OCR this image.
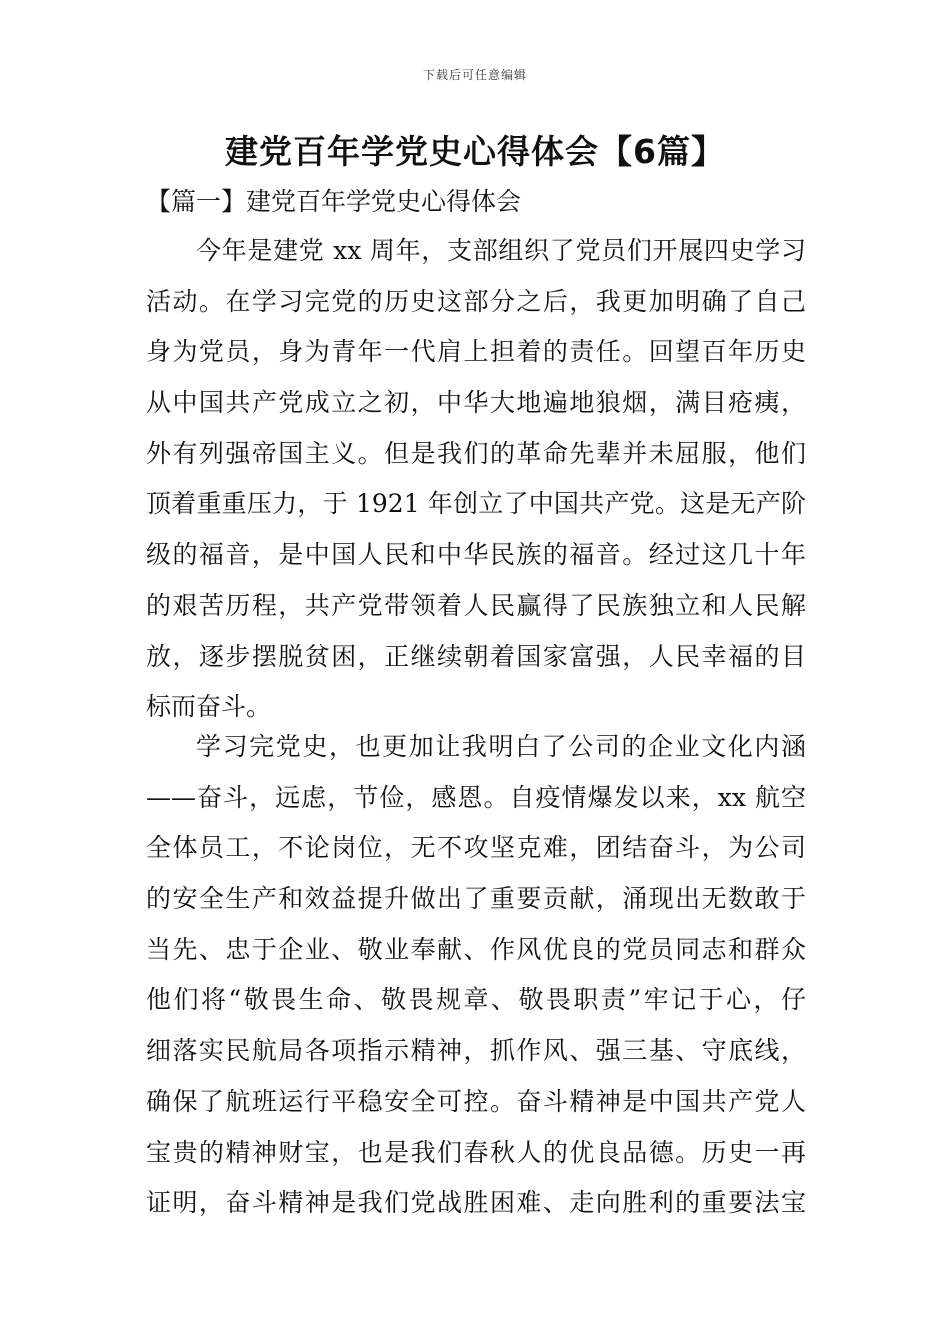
下载后可任意编辑
建党百年学党史心得体会【6篇】
【篇一】建党百年学党史心得体会
今年是建党 xx 周年，支部组织了党员们开展四史学习
活动。在学习完党的历史这部分之后，我更加明确了自己
身为党员，身为青年一代肩上担着的责任。回望百年历史
从中国共产党成立之初，中华大地遍地狼烟，满目疮痍，
外有列强帝国主义。但是我们的革命先辈并未屈服，他们
顶着重重压力，于 1921 年创立了中国共产党。这是无产阶
级的福音，是中国人民和中华民族的福音。经过这几十年
的艰苦历程，共产党带领着人民赢得了民族独立和人民解
放，逐步摆脱贫困，正继续朝着国家富强，人民幸福的目
标而奋斗。
学习完党史，也更加让我明白了公司的企业文化内涵
——奋斗，远虑，节俭，感恩。自疫情爆发以来，xx 航空
全体员工，不论岗位，无不攻坚克难，团结奋斗，为公司
的安全生产和效益提升做出了重要贡献，涌现出无数敢于
当先、忠于企业、敬业奉献、作风优良的党员同志和群众
他们将“敬畏生命、敬畏规章、敬畏职责”牢记于心，仔
细落实民航局各项指示精神，抓作风、强三基、守底线，
确保了航班运行平稳安全可控。奋斗精神是中国共产党人
宝贵的精神财宝，也是我们春秋人的优良品德。历史一再
证明，奋斗精神是我们党战胜困难、走向胜利的重要法宝
